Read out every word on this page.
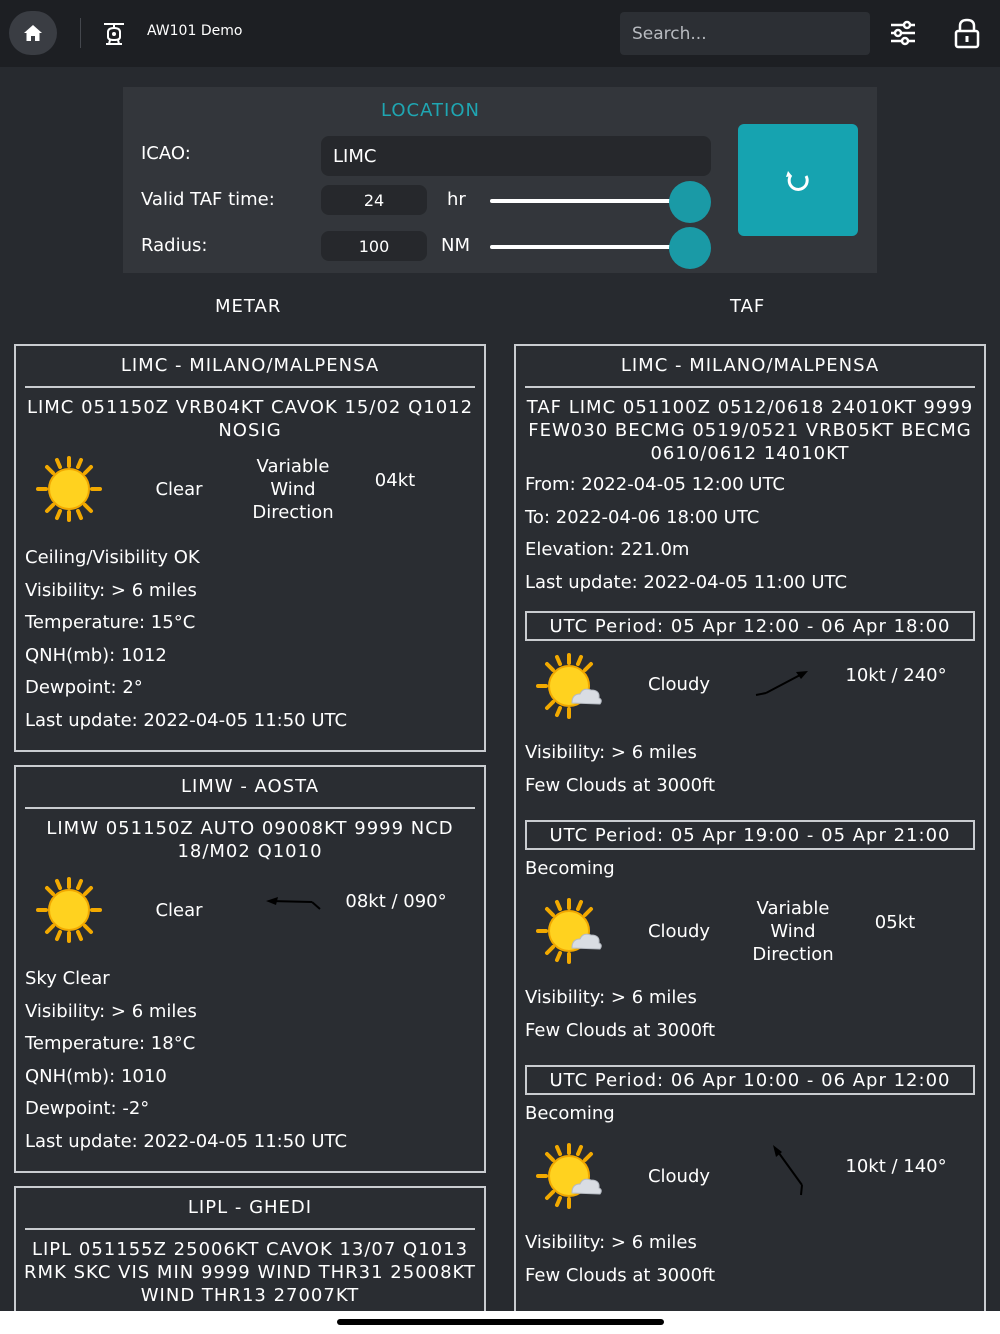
AW101 Demo
Search...
LOCATION
ICAO:
LIMC
Valid TAF time:
24	hr
Radius:
100	NM
METAR	TAF
LIMC - MILANO/MALPENSA
LIMC 051150Z VRB04KT CAVOK 15/02 Q1012 NOSIG
Clear
Variable Wind Direction
04kt
Ceiling/Visibility OK
Visibility: > 6 miles
Temperature: 15°C
QNH(mb): 1012
Dewpoint: 2°
Last update: 2022-04-05 11:50 UTC
LIMW - AOSTA
LIMW 051150Z AUTO 09008KT 9999 NCD 18/M02 Q1010
Clear	08kt / 090°
Sky Clear
Visibility: > 6 miles
Temperature: 18°C
QNH(mb): 1010
Dewpoint: -2°
Last update: 2022-04-05 11:50 UTC
LIPL - GHEDI
LIPL 051155Z 25006KT CAVOK 13/07 Q1013 RMK SKC VIS MIN 9999 WIND THR31 25008KT WIND THR13 27007KT
LIMC - MILANO/MALPENSA
TAF LIMC 051100Z 0512/0618 24010KT 9999 FEW030 BECMG 0519/0521 VRB05KT BECMG 0610/0612 14010KT
From: 2022-04-05 12:00 UTC
To: 2022-04-06 18:00 UTC
Elevation: 221.0m
Last update: 2022-04-05 11:00 UTC
UTC Period: 05 Apr 12:00 - 06 Apr 18:00
Cloudy	10kt / 240°
Visibility: > 6 miles
Few Clouds at 3000ft
UTC Period: 05 Apr 19:00 - 05 Apr 21:00
Becoming
Cloudy
Variable Wind Direction
05kt
Visibility: > 6 miles
Few Clouds at 3000ft
UTC Period: 06 Apr 10:00 - 06 Apr 12:00
Becoming
Cloudy	10kt / 140°
Visibility: > 6 miles
Few Clouds at 3000ft
